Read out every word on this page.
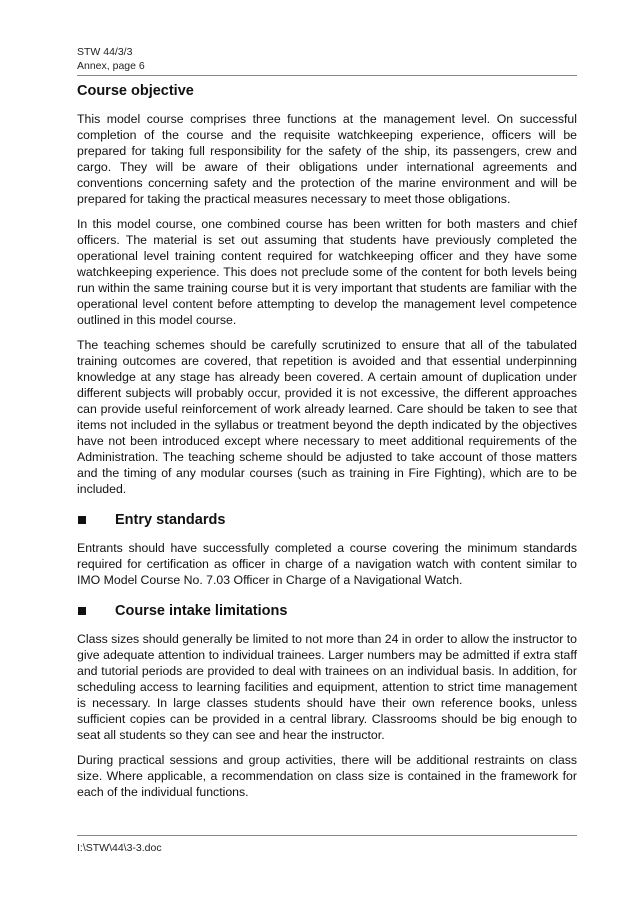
STW 44/3/3
Annex, page 6
Course objective

This model course comprises three functions at the management level. On successful completion of the course and the requisite watchkeeping experience, officers will be prepared for taking full responsibility for the safety of the ship, its passengers, crew and cargo. They will be aware of their obligations under international agreements and conventions concerning safety and the protection of the marine environment and will be prepared for taking the practical measures necessary to meet those obligations.

In this model course, one combined course has been written for both masters and chief officers. The material is set out assuming that students have previously completed the operational level training content required for watchkeeping officer and they have some watchkeeping experience. This does not preclude some of the content for both levels being run within the same training course but it is very important that students are familiar with the operational level content before attempting to develop the management level competence outlined in this model course.

The teaching schemes should be carefully scrutinized to ensure that all of the tabulated training outcomes are covered, that repetition is avoided and that essential underpinning knowledge at any stage has already been covered. A certain amount of duplication under different subjects will probably occur, provided it is not excessive, the different approaches can provide useful reinforcement of work already learned. Care should be taken to see that items not included in the syllabus or treatment beyond the depth indicated by the objectives have not been introduced except where necessary to meet additional requirements of the Administration. The teaching scheme should be adjusted to take account of those matters and the timing of any modular courses (such as training in Fire Fighting), which are to be included.

Entry standards

Entrants should have successfully completed a course covering the minimum standards required for certification as officer in charge of a navigation watch with content similar to IMO Model Course No. 7.03 Officer in Charge of a Navigational Watch.

Course intake limitations

Class sizes should generally be limited to not more than 24 in order to allow the instructor to give adequate attention to individual trainees. Larger numbers may be admitted if extra staff and tutorial periods are provided to deal with trainees on an individual basis. In addition, for scheduling access to learning facilities and equipment, attention to strict time management is necessary. In large classes students should have their own reference books, unless sufficient copies can be provided in a central library. Classrooms should be big enough to seat all students so they can see and hear the instructor.

During practical sessions and group activities, there will be additional restraints on class size. Where applicable, a recommendation on class size is contained in the framework for each of the individual functions.

I:\STW\44\3-3.doc
